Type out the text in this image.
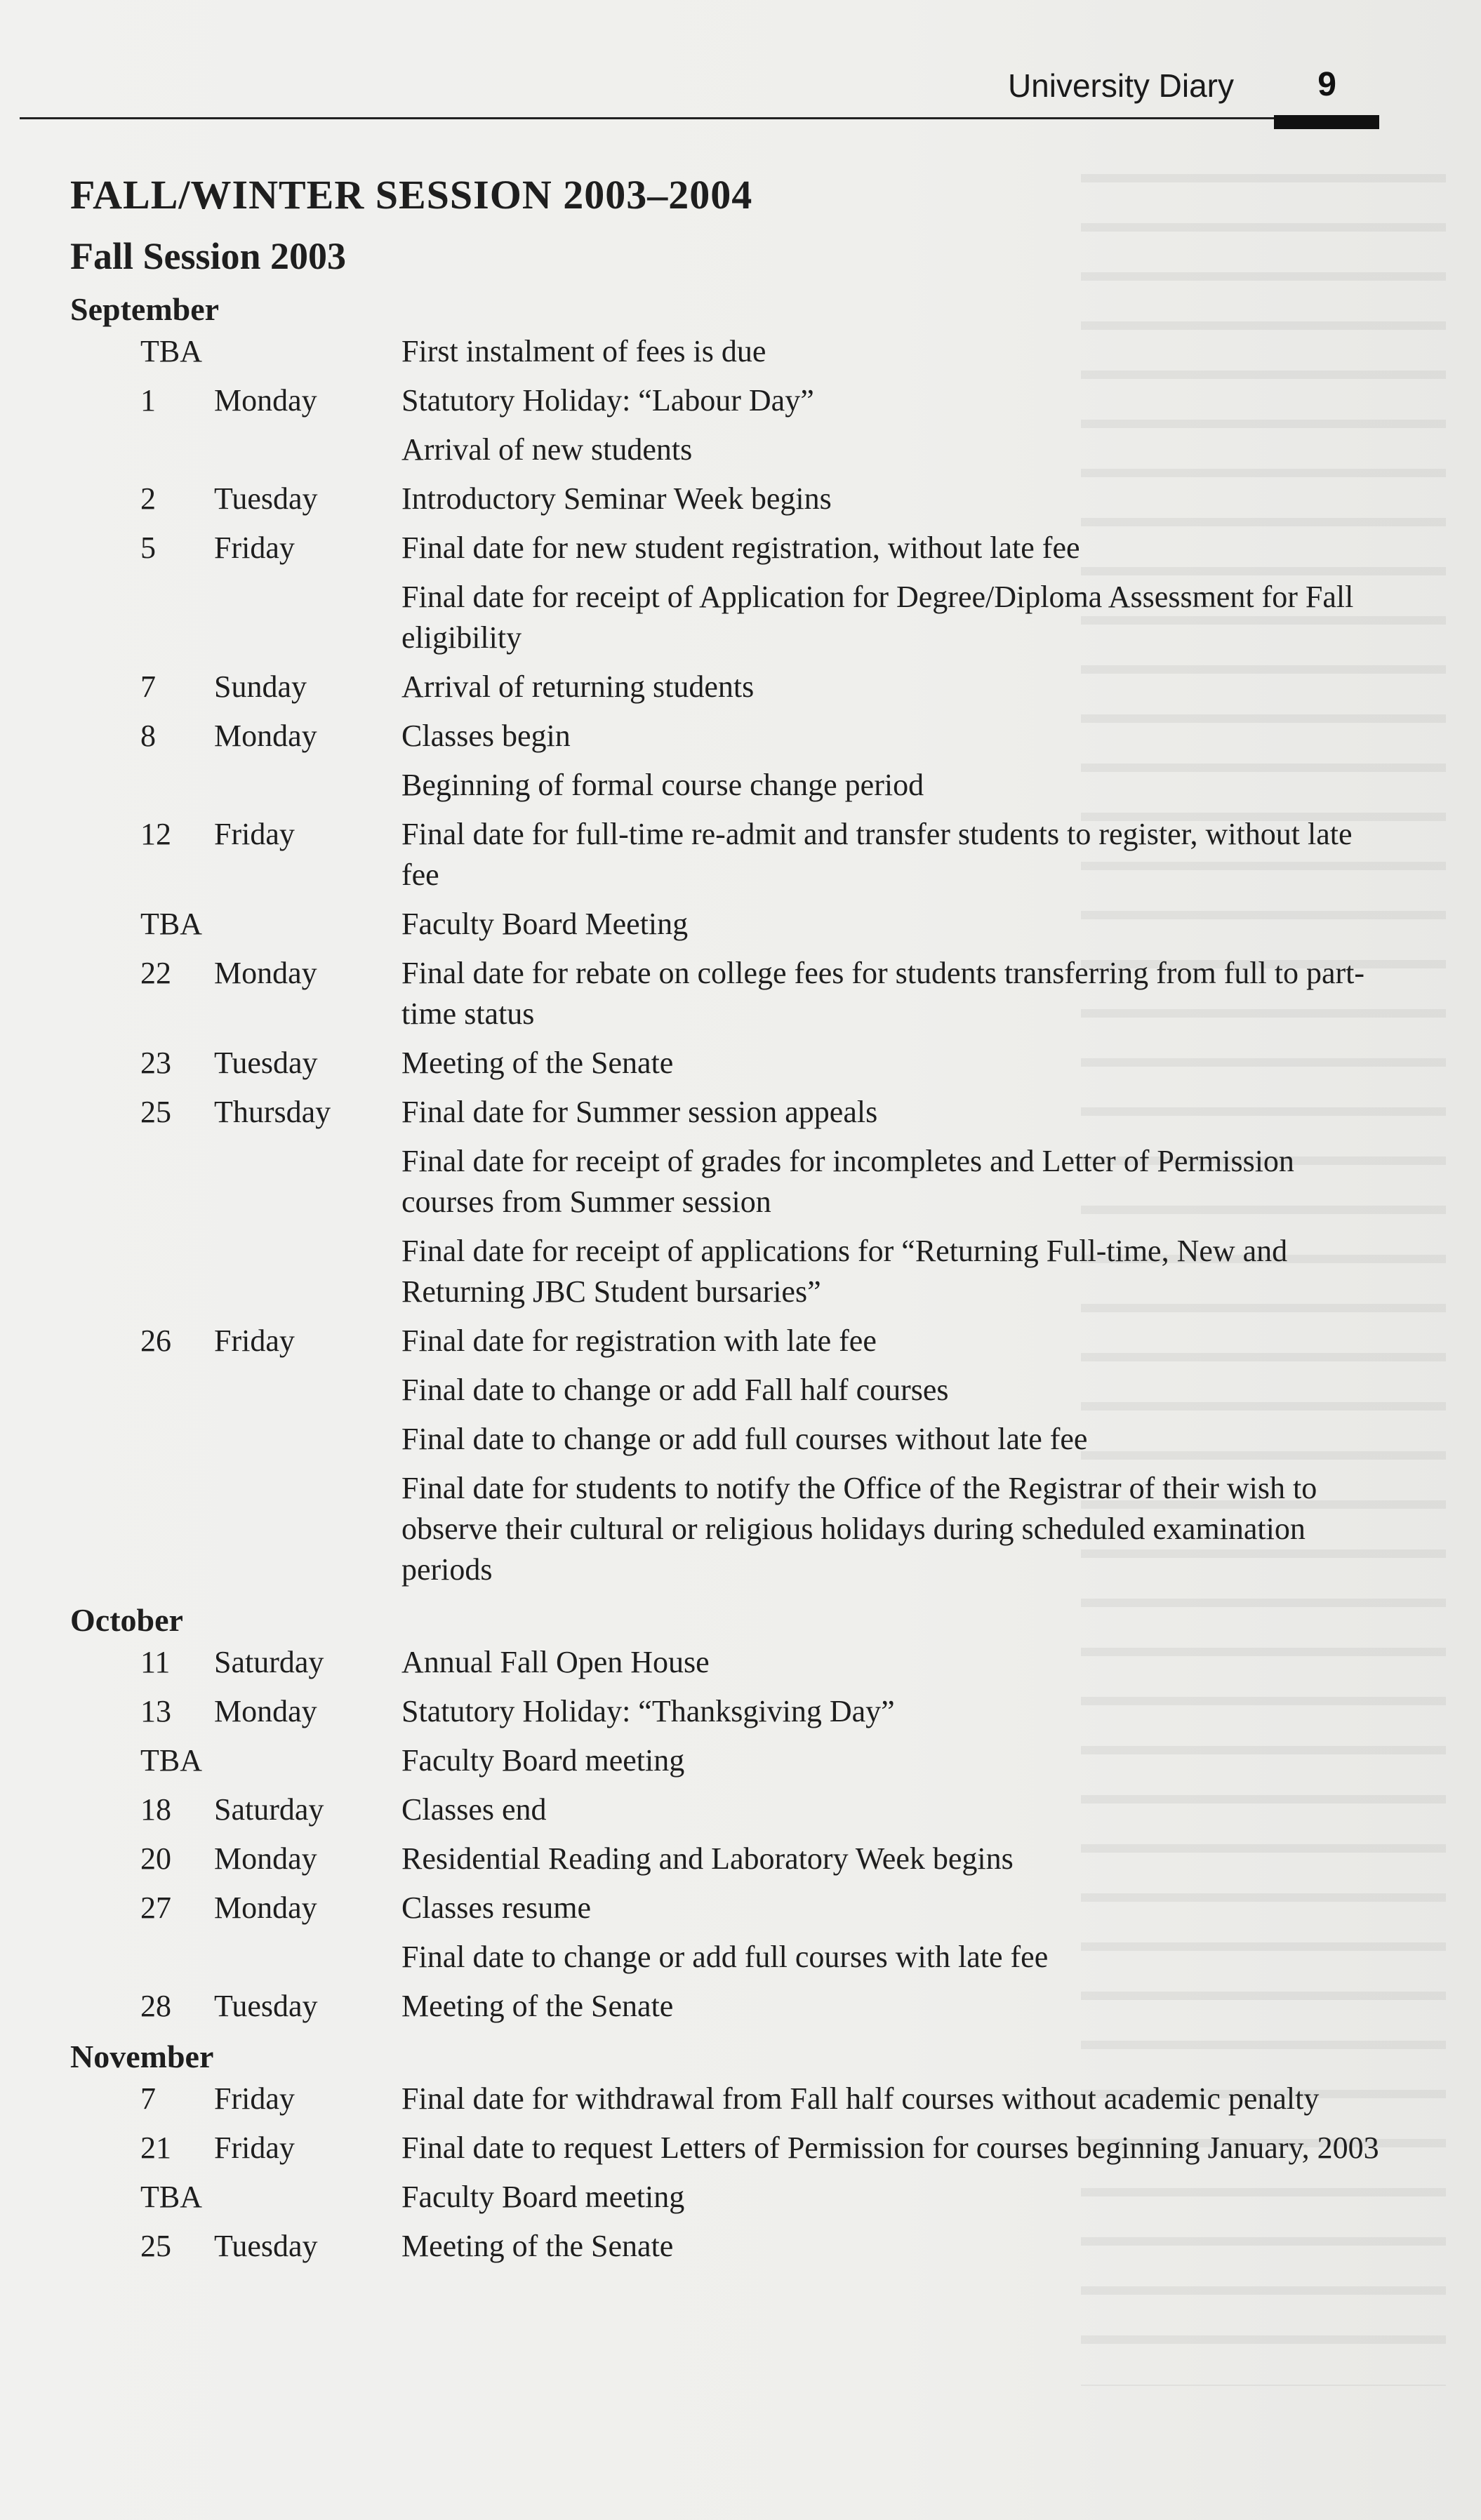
University Diary 9
FALL/WINTER SESSION 2003–2004
Fall Session 2003
September
TBA	First instalment of fees is due
1	Monday	Statutory Holiday: “Labour Day”
Arrival of new students
2	Tuesday	Introductory Seminar Week begins
5	Friday	Final date for new student registration, without late fee
Final date for receipt of Application for Degree/Diploma Assessment for Fall eligibility
7	Sunday	Arrival of returning students
8	Monday	Classes begin
Beginning of formal course change period
12	Friday	Final date for full-time re-admit and transfer students to register, without late fee
TBA	Faculty Board Meeting
22	Monday	Final date for rebate on college fees for students transferring from full to part-time status
23	Tuesday	Meeting of the Senate
25	Thursday	Final date for Summer session appeals
Final date for receipt of grades for incompletes and Letter of Permission courses from Summer session
Final date for receipt of applications for “Returning Full-time, New and Returning JBC Student bursaries”
26	Friday	Final date for registration with late fee
Final date to change or add Fall half courses
Final date to change or add full courses without late fee
Final date for students to notify the Office of the Registrar of their wish to observe their cultural or religious holidays during scheduled examination periods
October
11	Saturday	Annual Fall Open House
13	Monday	Statutory Holiday: “Thanksgiving Day”
TBA	Faculty Board meeting
18	Saturday	Classes end
20	Monday	Residential Reading and Laboratory Week begins
27	Monday	Classes resume
Final date to change or add full courses with late fee
28	Tuesday	Meeting of the Senate
November
7	Friday	Final date for withdrawal from Fall half courses without academic penalty
21	Friday	Final date to request Letters of Permission for courses beginning January, 2003
TBA	Faculty Board meeting
25	Tuesday	Meeting of the Senate
